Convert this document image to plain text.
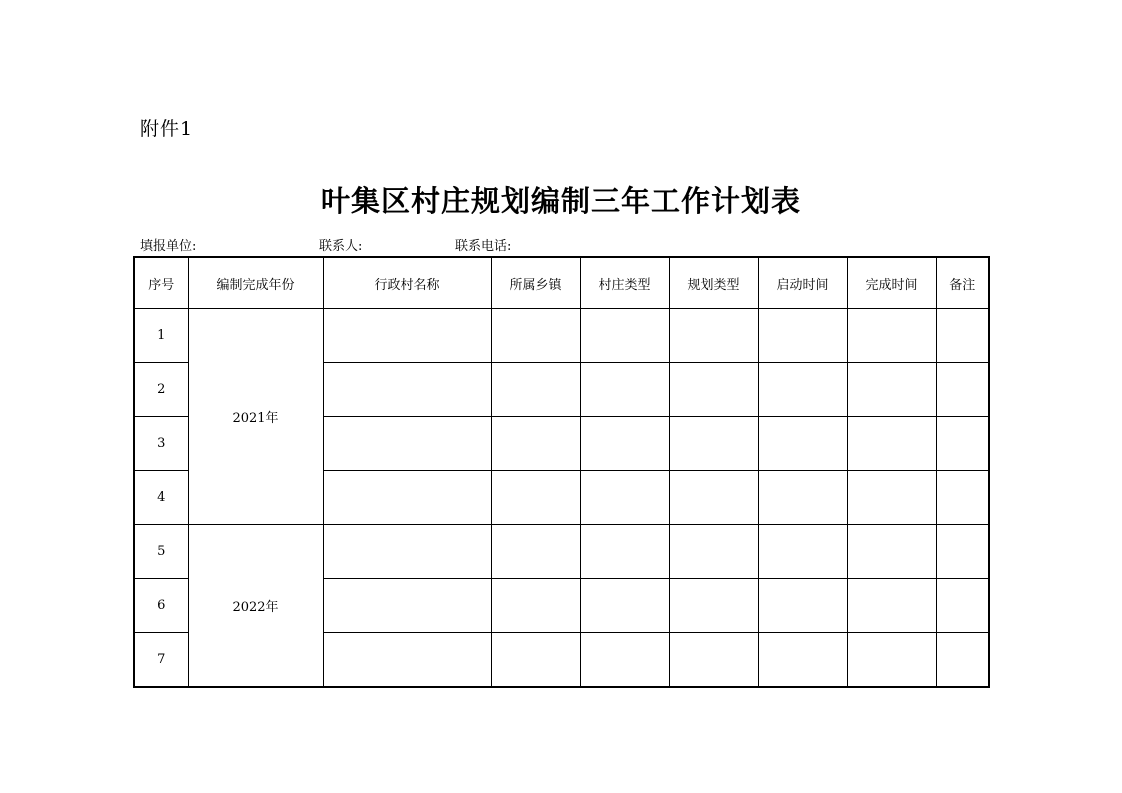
附件1
叶集区村庄规划编制三年工作计划表
填报单位:	联系人:	联系电话:
序号	编制完成年份	行政村名称	所属乡镇	村庄类型	规划类型	启动时间	完成时间	备注
1	2021年							
2								
3								
4								
5	2022年							
6								
7								
